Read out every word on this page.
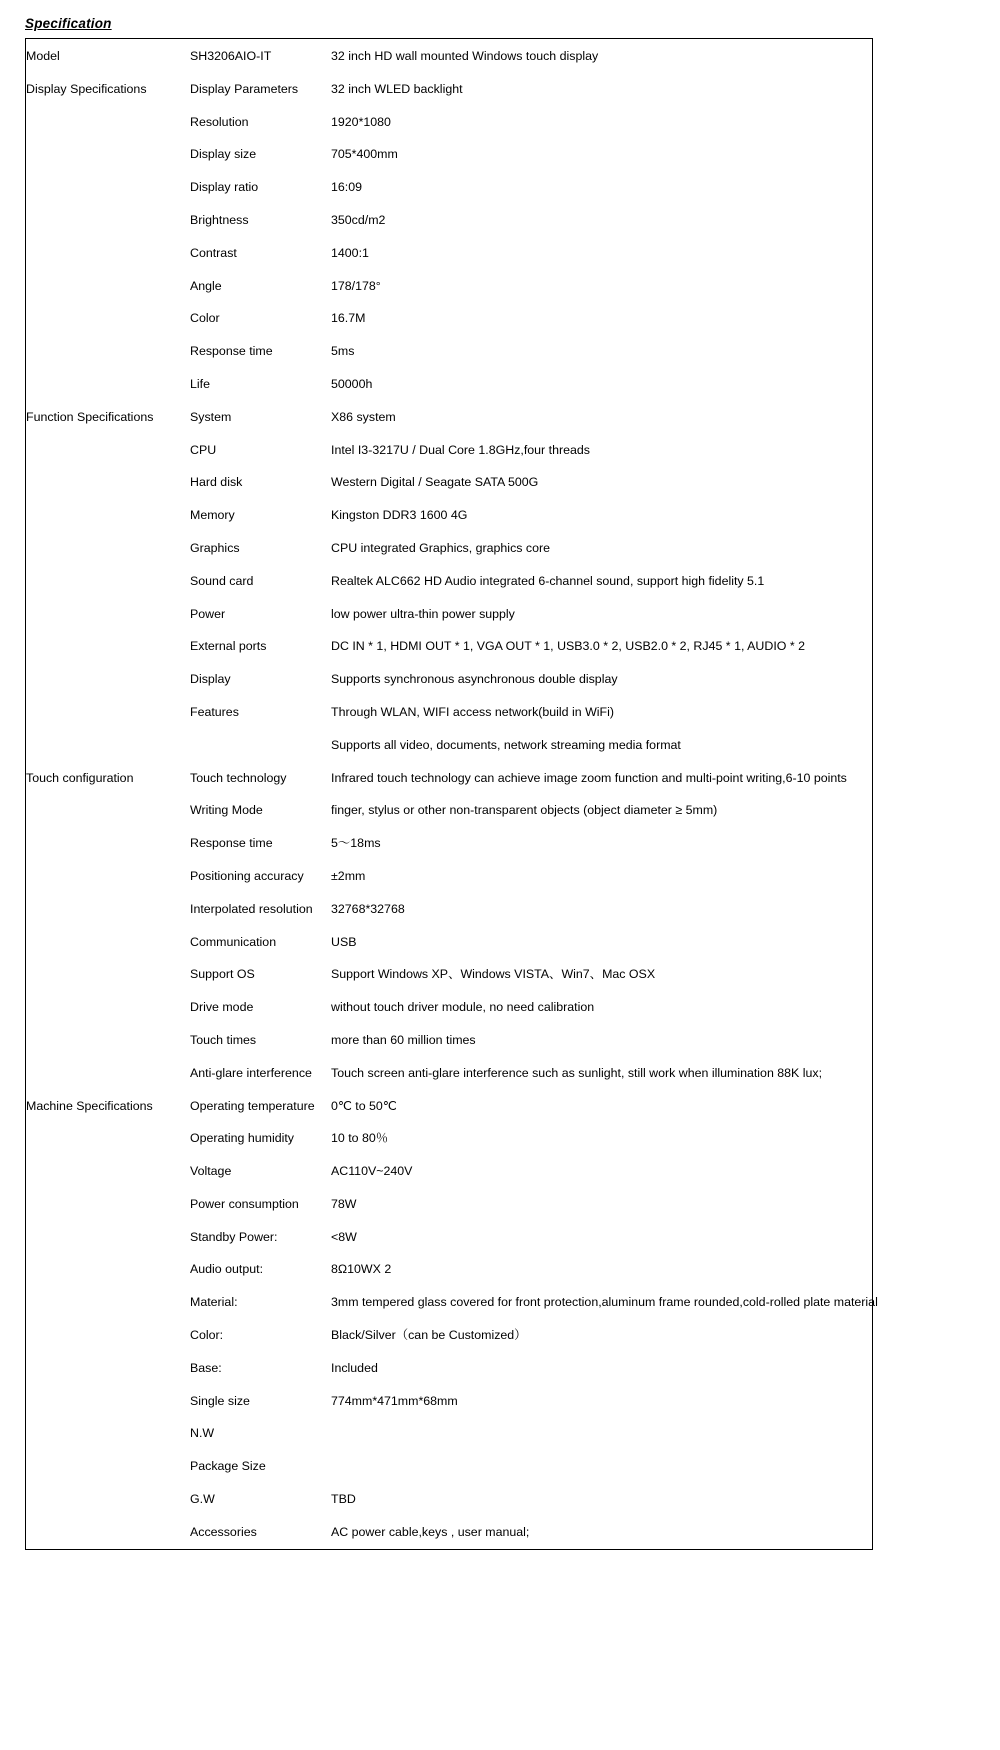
Specification
Model	SH3206AIO-IT	32 inch HD wall mounted Windows touch display

Display Specifications	Display Parameters	32 inch WLED backlight

	Resolution	1920*1080

	Display size	705*400mm

	Display ratio	16:09

	Brightness	350cd/m2

	Contrast	1400:1

	Angle	178/178°

	Color	16.7M

	Response time	5ms

	Life	50000h

Function Specifications	System	X86 system

	CPU	Intel I3-3217U / Dual Core 1.8GHz,four threads

	Hard disk	Western Digital / Seagate SATA 500G

	Memory	Kingston DDR3 1600 4G

	Graphics	CPU integrated Graphics, graphics core

	Sound card	Realtek ALC662 HD Audio integrated 6-channel sound, support high fidelity 5.1

	Power	low power ultra-thin power supply

	External ports	DC IN * 1, HDMI OUT * 1, VGA OUT * 1, USB3.0 * 2, USB2.0 * 2, RJ45 * 1, AUDIO * 2

	Display	Supports synchronous asynchronous double display

	Features	Through WLAN, WIFI access network(build in WiFi)

		Supports all video, documents, network streaming media format

Touch configuration	Touch technology	Infrared touch technology can achieve image zoom function and multi-point writing,6-10 points

	Writing Mode	finger, stylus or other non-transparent objects (object diameter ≥ 5mm)

	Response time	5～18ms

	Positioning accuracy	±2mm

	Interpolated resolution	32768*32768

	Communication	USB

	Support OS	Support Windows XP、Windows VISTA、Win7、Mac OSX

	Drive mode	without touch driver module, no need calibration

	Touch times	more than 60 million times

	Anti-glare interference	Touch screen anti-glare interference such as sunlight, still work when illumination 88K lux;

Machine Specifications	Operating temperature	0℃ to 50℃

	Operating humidity	10 to 80％

	Voltage	AC110V~240V

	Power consumption	78W

	Standby Power:	<8W

	Audio output:	8Ω10WX 2

	Material:	3mm tempered glass covered for front protection,aluminum frame rounded,cold-rolled plate material

	Color:	Black/Silver（can be Customized）

	Base:	Included

	Single size	774mm*471mm*68mm

	N.W	

	Package Size	

	G.W	TBD

	Accessories	AC power cable,keys , user manual;
